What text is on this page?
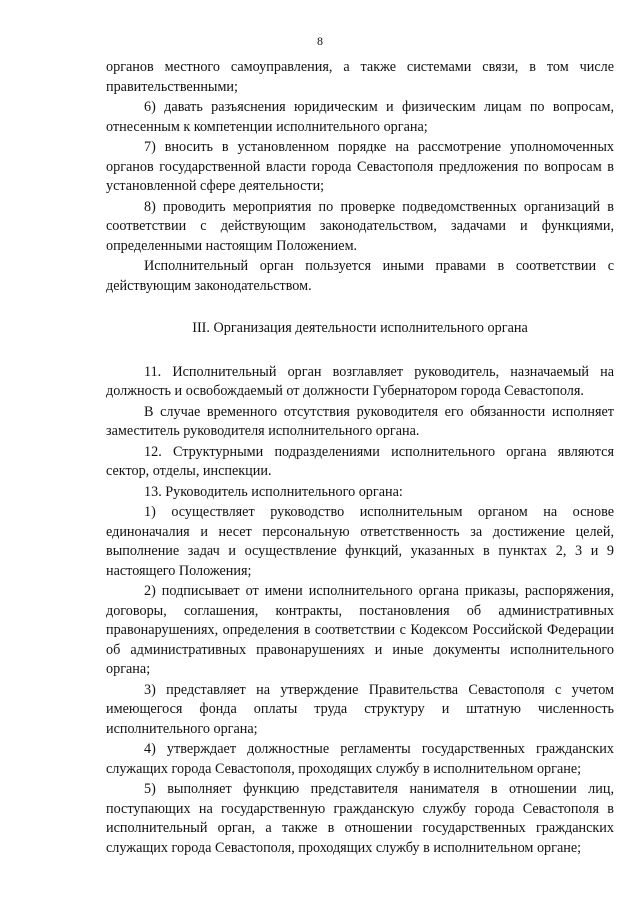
8

органов местного самоуправления, а также системами связи, в том числе правительственными;

6) давать разъяснения юридическим и физическим лицам по вопросам, отнесенным к компетенции исполнительного органа;

7) вносить в установленном порядке на рассмотрение уполномоченных органов государственной власти города Севастополя предложения по вопросам в установленной сфере деятельности;

8) проводить мероприятия по проверке подведомственных организаций в соответствии с действующим законодательством, задачами и функциями, определенными настоящим Положением.

Исполнительный орган пользуется иными правами в соответствии с действующим законодательством.

III. Организация деятельности исполнительного органа

11. Исполнительный орган возглавляет руководитель, назначаемый на должность и освобождаемый от должности Губернатором города Севастополя.

В случае временного отсутствия руководителя его обязанности исполняет заместитель руководителя исполнительного органа.

12. Структурными подразделениями исполнительного органа являются сектор, отделы, инспекции.

13. Руководитель исполнительного органа:

1) осуществляет руководство исполнительным органом на основе единоначалия и несет персональную ответственность за достижение целей, выполнение задач и осуществление функций, указанных в пунктах 2, 3 и 9 настоящего Положения;

2) подписывает от имени исполнительного органа приказы, распоряжения, договоры, соглашения, контракты, постановления об административных правонарушениях, определения в соответствии с Кодексом Российской Федерации об административных правонарушениях и иные документы исполнительного органа;

3) представляет на утверждение Правительства Севастополя с учетом имеющегося фонда оплаты труда структуру и штатную численность исполнительного органа;

4) утверждает должностные регламенты государственных гражданских служащих города Севастополя, проходящих службу в исполнительном органе;

5) выполняет функцию представителя нанимателя в отношении лиц, поступающих на государственную гражданскую службу города Севастополя в исполнительный орган, а также в отношении государственных гражданских служащих города Севастополя, проходящих службу в исполнительном органе;
